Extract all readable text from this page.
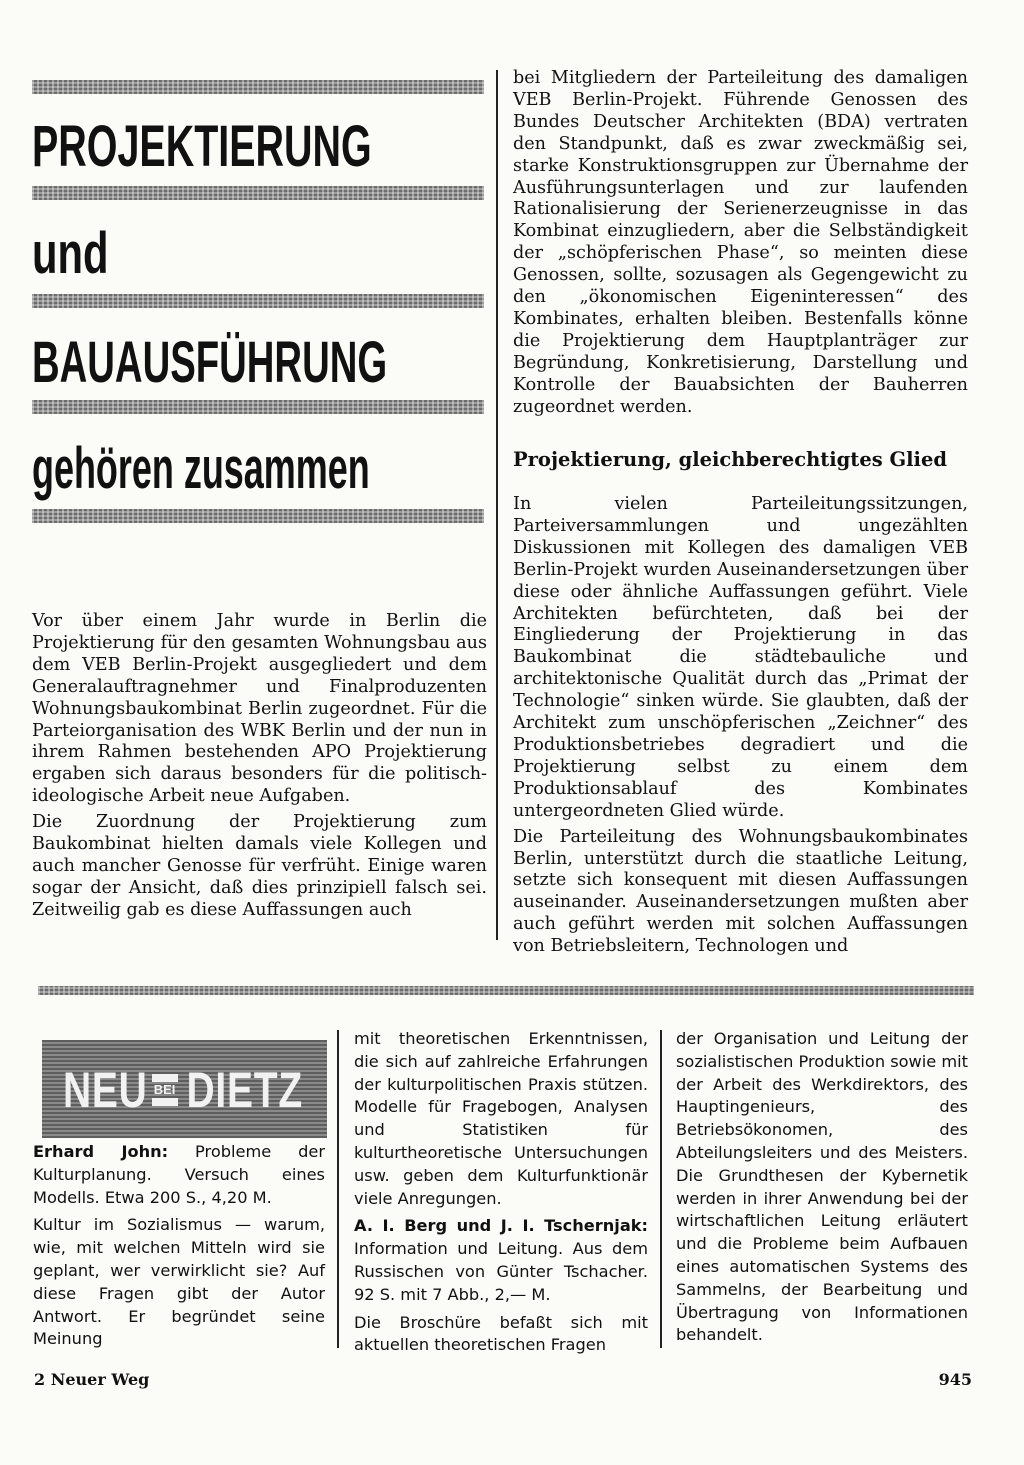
PROJEKTIERUNG
und
BAUAUSFÜHRUNG
gehören zusammen

Vor über einem Jahr wurde in Berlin die Projektierung für den gesamten Wohnungsbau aus dem VEB Berlin-Projekt ausgegliedert und dem Generalauftragnehmer und Finalproduzenten Wohnungsbaukombinat Berlin zugeordnet. Für die Parteiorganisation des WBK Berlin und der nun in ihrem Rahmen bestehenden APO Projektierung ergaben sich daraus besonders für die politisch-ideologische Arbeit neue Aufgaben.

Die Zuordnung der Projektierung zum Baukombinat hielten damals viele Kollegen und auch mancher Genosse für verfrüht. Einige waren sogar der Ansicht, daß dies prinzipiell falsch sei. Zeitweilig gab es diese Auffassungen auch

bei Mitgliedern der Parteileitung des damaligen VEB Berlin-Projekt. Führende Genossen des Bundes Deutscher Architekten (BDA) vertraten den Standpunkt, daß es zwar zweckmäßig sei, starke Konstruktionsgruppen zur Übernahme der Ausführungsunterlagen und zur laufenden Rationalisierung der Serienerzeugnisse in das Kombinat einzugliedern, aber die Selbständigkeit der „schöpferischen Phase“, so meinten diese Genossen, sollte, sozusagen als Gegengewicht zu den „ökonomischen Eigeninteressen“ des Kombinates, erhalten bleiben. Bestenfalls könne die Projektierung dem Hauptplanträger zur Begründung, Konkretisierung, Darstellung und Kontrolle der Bauabsichten der Bauherren zugeordnet werden.

Projektierung, gleichberechtigtes Glied

In vielen Parteileitungssitzungen, Parteiversammlungen und ungezählten Diskussionen mit Kollegen des damaligen VEB Berlin-Projekt wurden Auseinandersetzungen über diese oder ähnliche Auffassungen geführt. Viele Architekten befürchteten, daß bei der Eingliederung der Projektierung in das Baukombinat die städtebauliche und architektonische Qualität durch das „Primat der Technologie“ sinken würde. Sie glaubten, daß der Architekt zum unschöpferischen „Zeichner“ des Produktionsbetriebes degradiert und die Projektierung selbst zu einem dem Produktionsablauf des Kombinates untergeordneten Glied würde.

Die Parteileitung des Wohnungsbaukombinates Berlin, unterstützt durch die staatliche Leitung, setzte sich konsequent mit diesen Auffassungen auseinander. Auseinandersetzungen mußten aber auch geführt werden mit solchen Auffassungen von Betriebsleitern, Technologen und

NEU BEI DIETZ

Erhard John: Probleme der Kulturplanung. Versuch eines Modells. Etwa 200 S., 4,20 M.

Kultur im Sozialismus — warum, wie, mit welchen Mitteln wird sie geplant, wer verwirklicht sie? Auf diese Fragen gibt der Autor Antwort. Er begründet seine Meinung

mit theoretischen Erkenntnissen, die sich auf zahlreiche Erfahrungen der kulturpolitischen Praxis stützen. Modelle für Fragebogen, Analysen und Statistiken für kulturtheoretische Untersuchungen usw. geben dem Kulturfunktionär viele Anregungen.

A. I. Berg und J. I. Tschernjak: Information und Leitung. Aus dem Russischen von Günter Tschacher. 92 S. mit 7 Abb., 2,— M.

Die Broschüre befaßt sich mit aktuellen theoretischen Fragen

der Organisation und Leitung der sozialistischen Produktion sowie mit der Arbeit des Werkdirektors, des Hauptingenieurs, des Betriebsökonomen, des Abteilungsleiters und des Meisters. Die Grundthesen der Kybernetik werden in ihrer Anwendung bei der wirtschaftlichen Leitung erläutert und die Probleme beim Aufbauen eines automatischen Systems des Sammelns, der Bearbeitung und Übertragung von Informationen behandelt.

2 Neuer Weg	945
